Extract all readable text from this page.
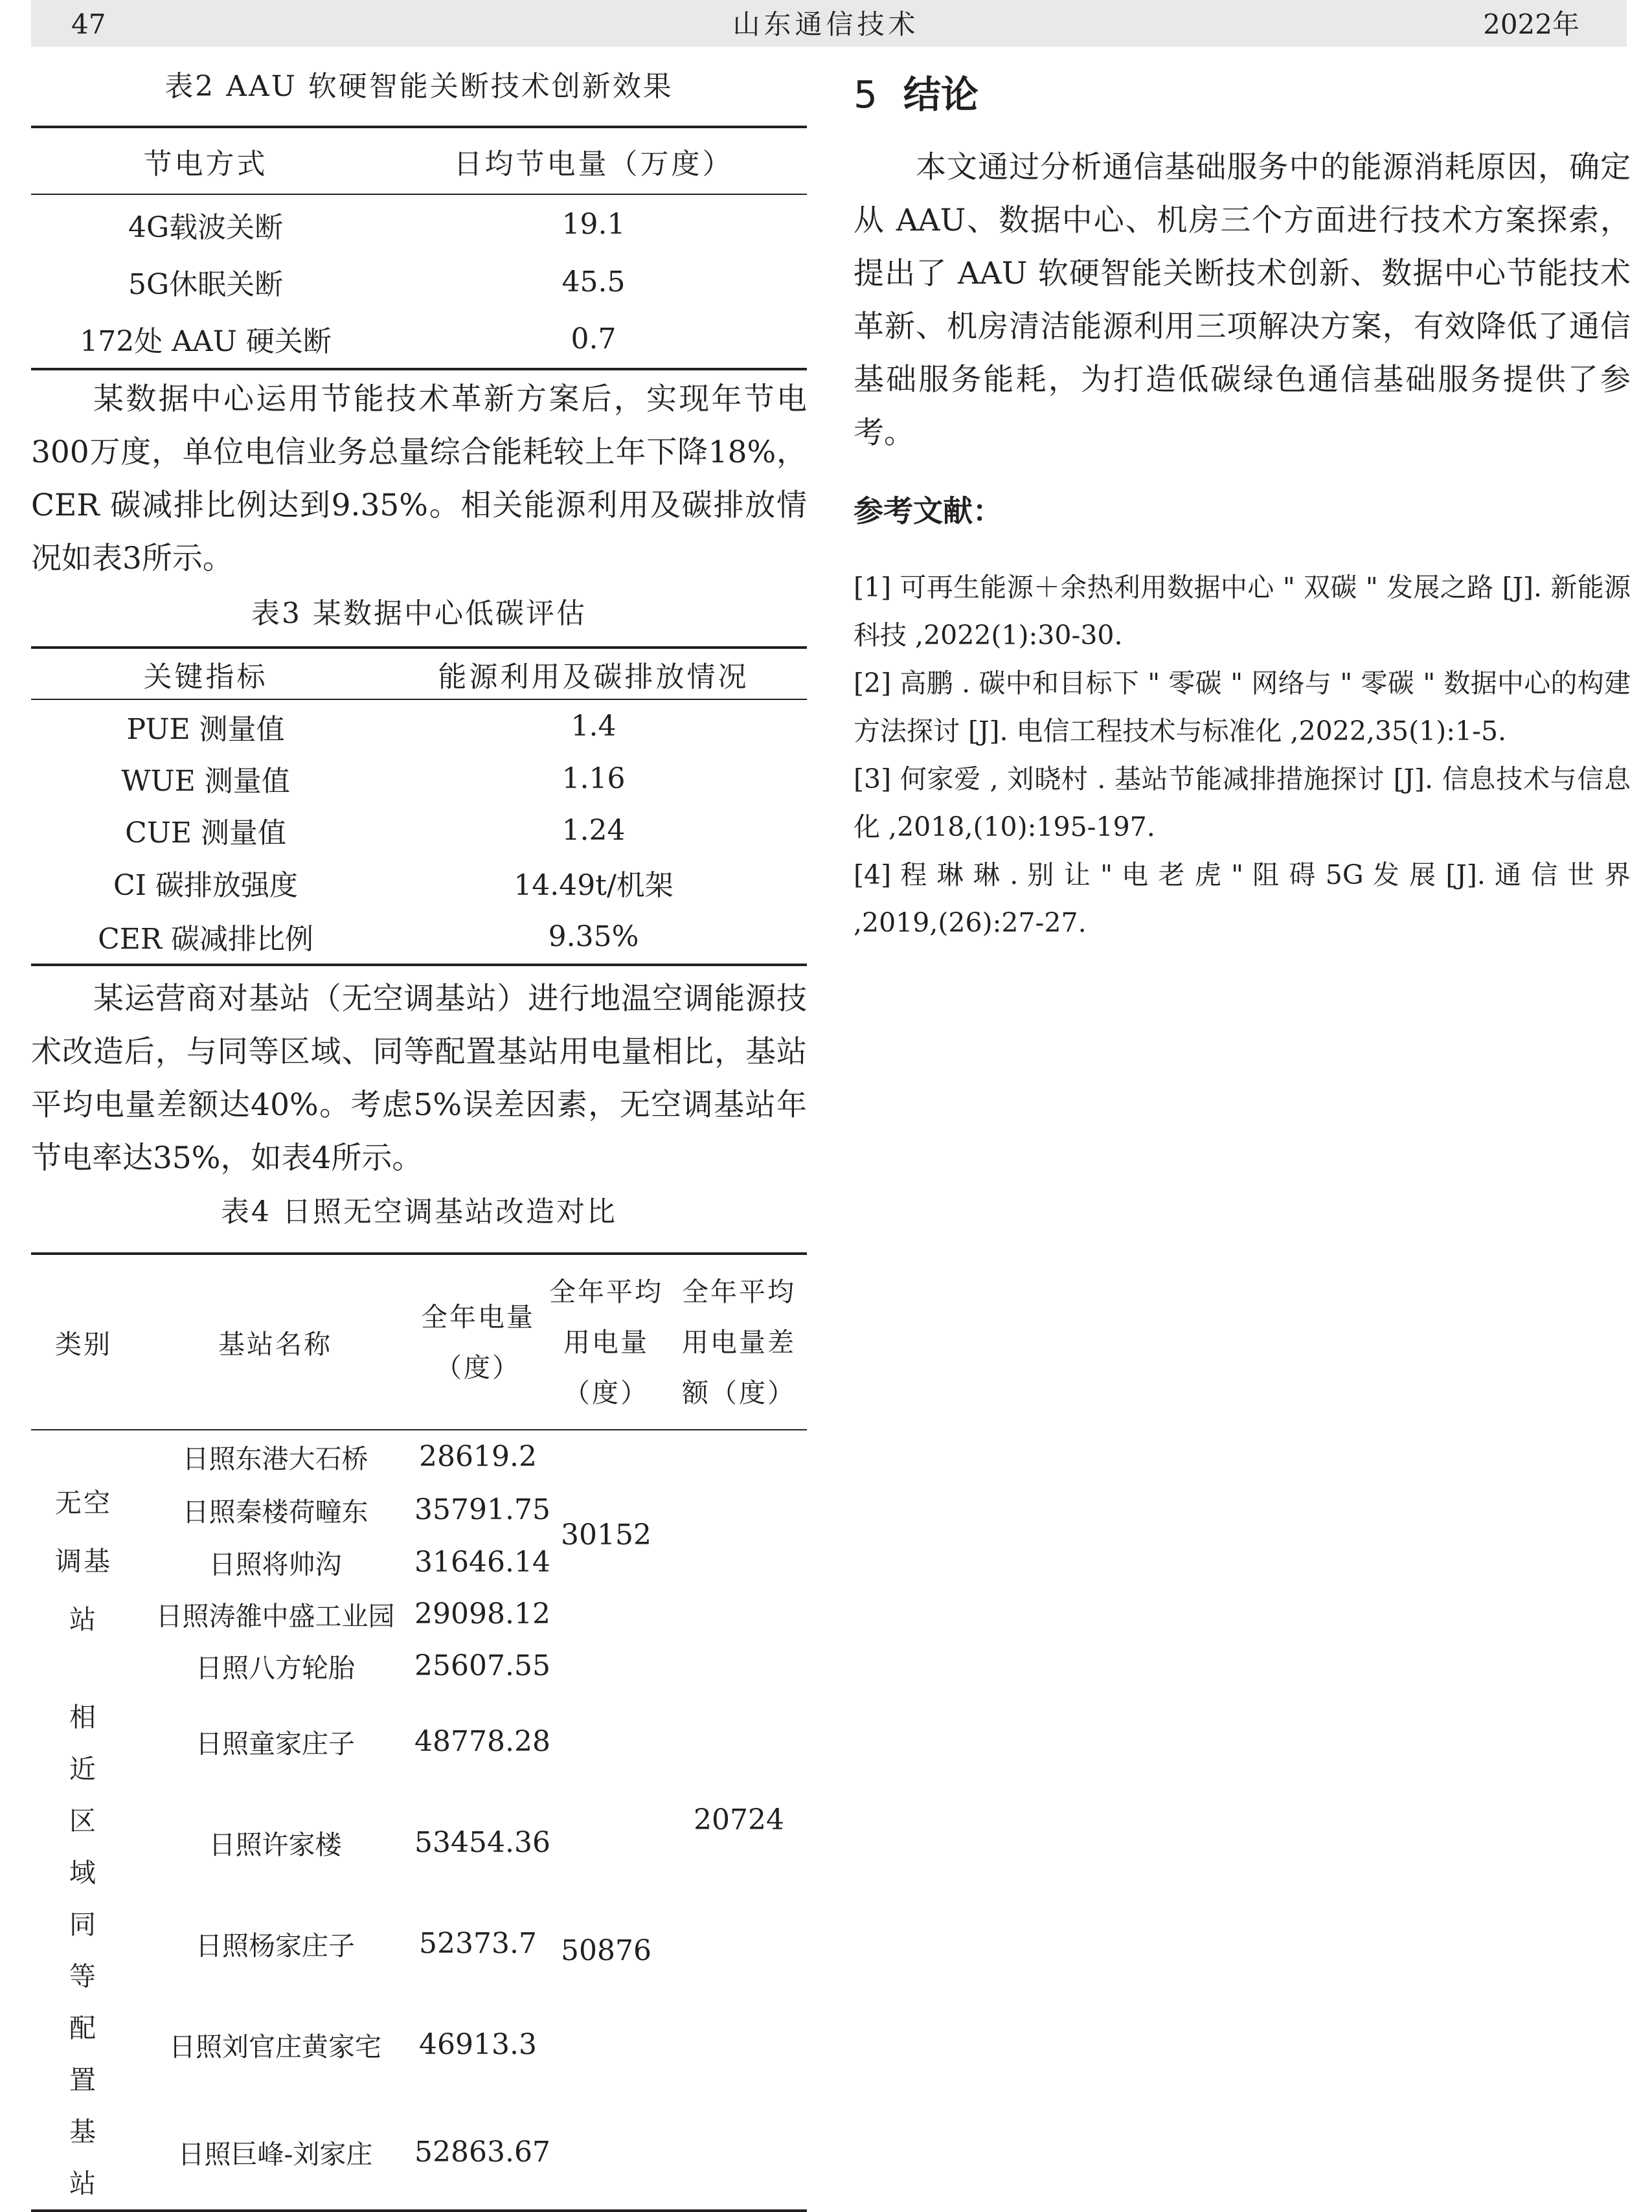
47	山东通信技术	2022年
表2 AAU 软硬智能关断技术创新效果
节电方式	日均节电量（万度）
4G载波关断	19.1
5G休眠关断	45.5
172处 AAU 硬关断	0.7

某数据中心运用节能技术革新方案后，实现年节电300万度，单位电信业务总量综合能耗较上年下降18%，CER 碳减排比例达到9.35%。相关能源利用及碳排放情况如表3所示。

表3 某数据中心低碳评估
关键指标	能源利用及碳排放情况
PUE 测量值	1.4
WUE 测量值	1.16
CUE 测量值	1.24
CI 碳排放强度	14.49t/机架
CER 碳减排比例	9.35%

某运营商对基站（无空调基站）进行地温空调能源技术改造后，与同等区域、同等配置基站用电量相比，基站平均电量差额达40%。考虑5%误差因素，无空调基站年节电率达35%，如表4所示。

表4 日照无空调基站改造对比
类别	基站名称	全年电量（度）	全年平均用电量（度）	全年平均用电量差额（度）
无空调基站	日照东港大石桥	28619.2	30152	20724
	日照秦楼荷疃东	35791.75		
	日照将帅沟	31646.14		
	日照涛雒中盛工业园	29098.12		
	日照八方轮胎	25607.55		
相近区域同等配置基站	日照童家庄子	48778.28	50876	
	日照许家楼	53454.36		
	日照杨家庄子	52373.7		
	日照刘官庄黄家宅	46913.3		
	日照巨峰-刘家庄	52863.67		
5 结论

本文通过分析通信基础服务中的能源消耗原因，确定从 AAU、数据中心、机房三个方面进行技术方案探索，提出了 AAU 软硬智能关断技术创新、数据中心节能技术革新、机房清洁能源利用三项解决方案，有效降低了通信基础服务能耗，为打造低碳绿色通信基础服务提供了参考。

参考文献：

[1] 可再生能源＋余热利用数据中心 " 双碳 " 发展之路 [J]. 新能源科技 ,2022(1):30-30.

[2] 高鹏 . 碳中和目标下 " 零碳 " 网络与 " 零碳 " 数据中心的构建方法探讨 [J]. 电信工程技术与标准化 ,2022,35(1):1-5.

[3] 何家爱 , 刘晓村 . 基站节能减排措施探讨 [J]. 信息技术与信息化 ,2018,(10):195-197.

[4] 程 琳 琳 . 别 让 " 电 老 虎 " 阻 碍 5G 发 展 [J]. 通 信 世 界 ,2019,(26):27-27.
